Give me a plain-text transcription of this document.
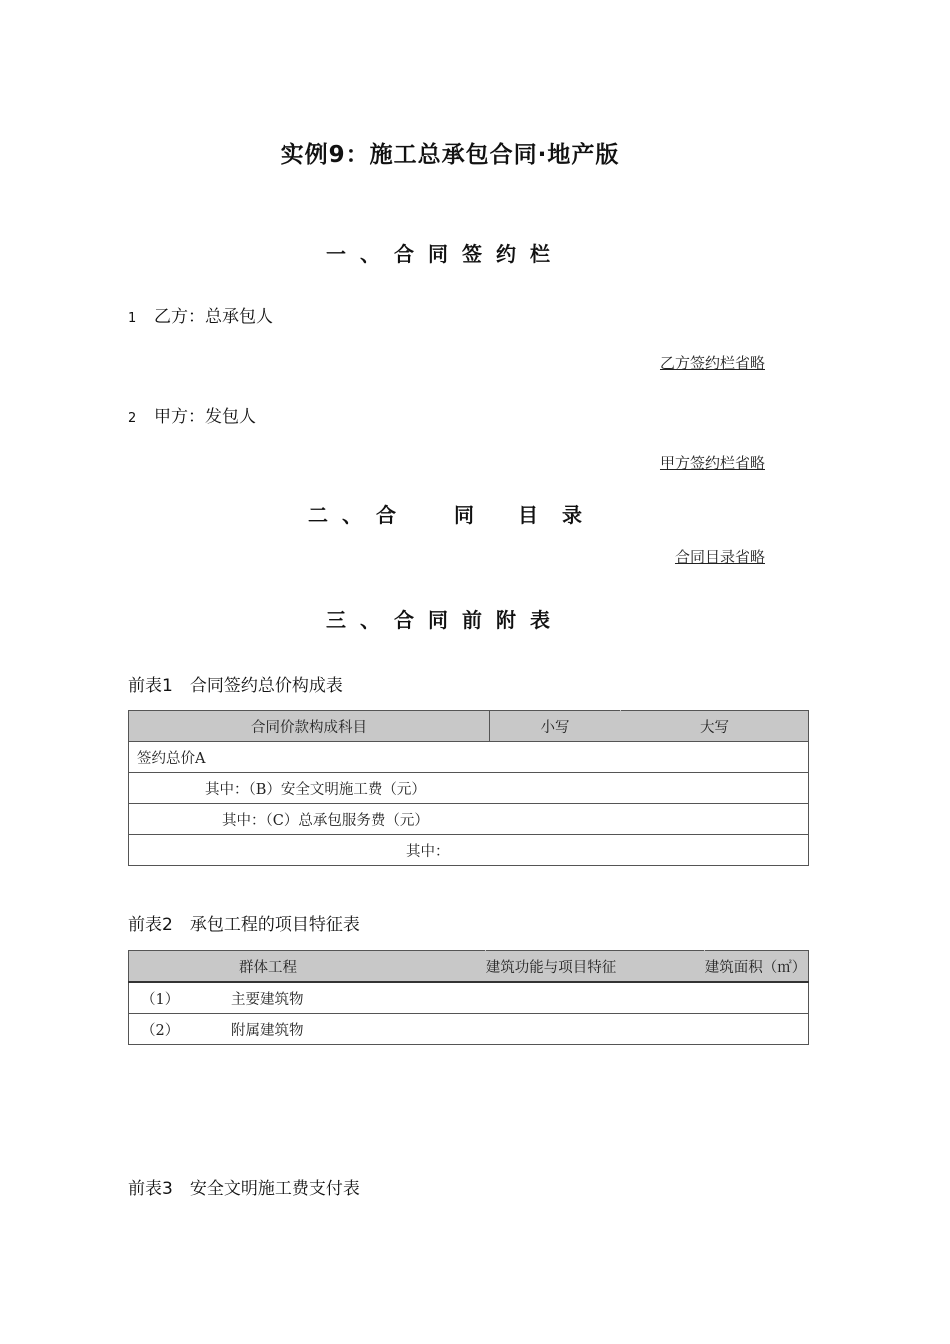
实例9：施工总承包合同·地产版
一、合同签约栏
1 乙方：总承包人
乙方签约栏省略
2 甲方：发包人
甲方签约栏省略
二、合 同 目 录
合同目录省略
三、合同前附表
前表1　合同签约总价构成表
合同价款构成科目	小写	大写
签约总价A
其中：（B）安全文明施工费（元）
其中：（C）总承包服务费（元）
其中：
前表2　承包工程的项目特征表
群体工程	建筑功能与项目特征	建筑面积（㎡）
（1）	主要建筑物
（2）	附属建筑物
前表3　安全文明施工费支付表
